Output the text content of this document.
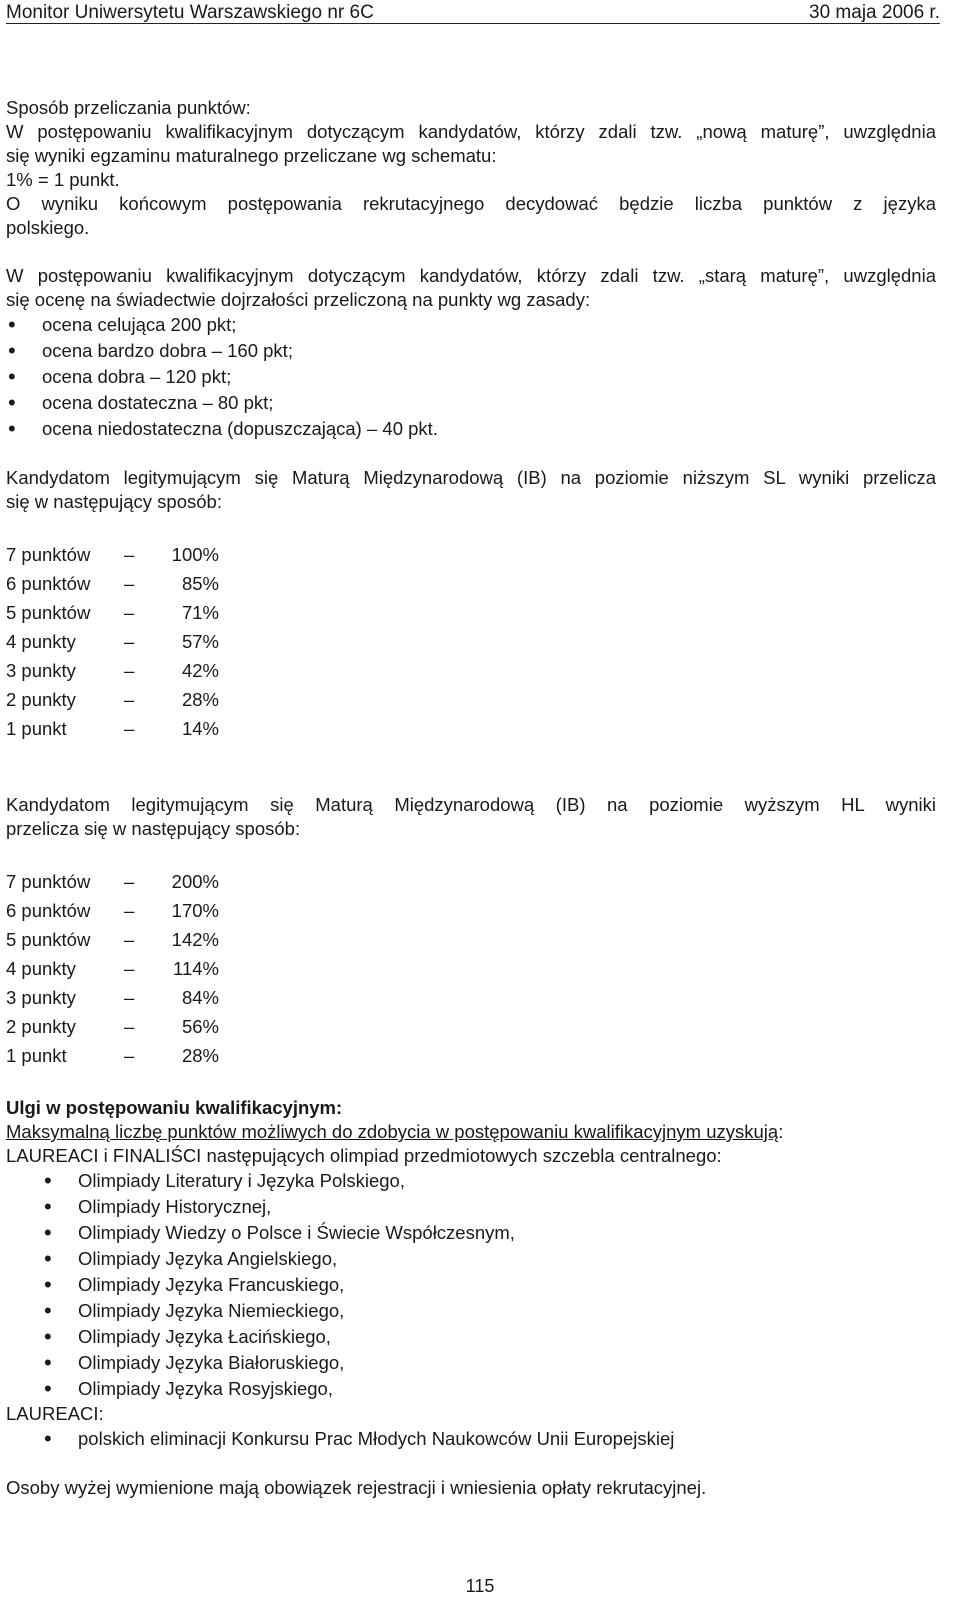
Monitor Uniwersytetu Warszawskiego nr 6C	30 maja 2006 r.

Sposób przeliczania punktów:

W postępowaniu kwalifikacyjnym dotyczącym kandydatów, którzy zdali tzw. „nową maturę”, uwzględnia

się wyniki egzaminu maturalnego przeliczane wg schematu:

1% = 1 punkt.

O wyniku końcowym postępowania rekrutacyjnego decydować będzie liczba punktów z języka

polskiego.

W postępowaniu kwalifikacyjnym dotyczącym kandydatów, którzy zdali tzw. „starą maturę”, uwzględnia

się ocenę na świadectwie dojrzałości przeliczoną na punkty wg zasady:

• ocena celująca 200 pkt;
• ocena bardzo dobra – 160 pkt;
• ocena dobra – 120 pkt;
• ocena dostateczna – 80 pkt;
• ocena niedostateczna (dopuszczająca) – 40 pkt.

Kandydatom legitymującym się Maturą Międzynarodową (IB) na poziomie niższym SL wyniki przelicza

się w następujący sposób:

7 punktów	–	100%
6 punktów	–	85%
5 punktów	–	71%
4 punkty	–	57%
3 punkty	–	42%
2 punkty	–	28%
1 punkt	–	14%

Kandydatom legitymującym się Maturą Międzynarodową (IB) na poziomie wyższym HL wyniki

przelicza się w następujący sposób:

7 punktów	–	200%
6 punktów	–	170%
5 punktów	–	142%
4 punkty	–	114%
3 punkty	–	84%
2 punkty	–	56%
1 punkt	–	28%

Ulgi w postępowaniu kwalifikacyjnym:

Maksymalną liczbę punktów możliwych do zdobycia w postępowaniu kwalifikacyjnym uzyskują:

LAUREACI i FINALIŚCI następujących olimpiad przedmiotowych szczebla centralnego:

• Olimpiady Literatury i Języka Polskiego,
• Olimpiady Historycznej,
• Olimpiady Wiedzy o Polsce i Świecie Współczesnym,
• Olimpiady Języka Angielskiego,
• Olimpiady Języka Francuskiego,
• Olimpiady Języka Niemieckiego,
• Olimpiady Języka Łacińskiego,
• Olimpiady Języka Białoruskiego,
• Olimpiady Języka Rosyjskiego,

LAUREACI:

• polskich eliminacji Konkursu Prac Młodych Naukowców Unii Europejskiej

Osoby wyżej wymienione mają obowiązek rejestracji i wniesienia opłaty rekrutacyjnej.

115
